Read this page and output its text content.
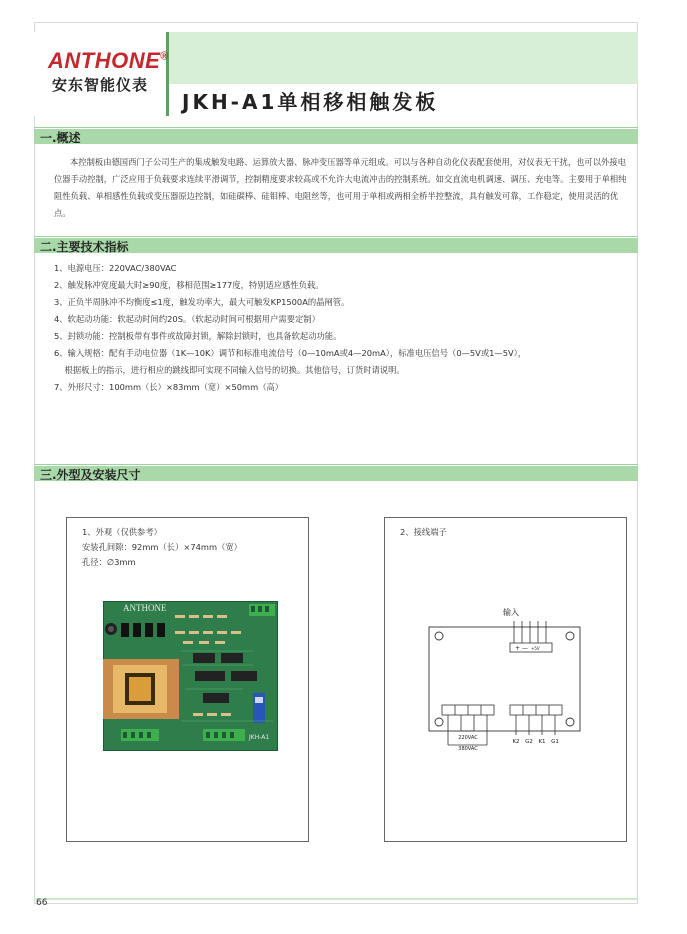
ANTHONE®
安东智能仪表
JKH-A1单相移相触发板
一.概述
本控制板由德国西门子公司生产的集成触发电路、运算放大器、脉冲变压器等单元组成。可以与各种自动化仪表配套使用，对仪表无干扰，也可以外接电位器手动控制，广泛应用于负载要求连续平滑调节，控制精度要求较高或不允许大电流冲击的控制系统。如交直流电机调速、调压、充电等。主要用于单相纯阻性负载、单相感性负载或变压器原边控制，如硅碳棒、硅钼棒、电阻丝等，也可用于单相或两相全桥半控整流，具有触发可靠，工作稳定，使用灵活的优点。
二.主要技术指标
1、电源电压：220VAC/380VAC
2、触发脉冲宽度最大时≥90度，移相范围≥177度，特别适应感性负载。
3、正负半周脉冲不均衡度≤1度，触发功率大，最大可触发KP1500A的晶闸管。
4、软起动功能：软起动时间约20S。（软起动时间可根据用户需要定制）
5、封锁功能：控制板带有事件或故障封锁，解除封锁时，也具备软起动功能。
6、输入规格：配有手动电位器（1K—10K）调节和标准电流信号（0—10mA或4—20mA），标准电压信号（0—5V或1—5V），
根据板上的指示，进行相应的跳线即可实现不同输入信号的切换。其他信号，订货时请说明。
7、外形尺寸：100mm（长）×83mm（宽）×50mm（高）
三.外型及安装尺寸
1、外观（仅供参考）
安装孔间隙：92mm（长）×74mm（宽）
孔径：∅3mm
ANTHONE
JKH-A1
2、接线端子
输入
+ — +5V
220VAC
380VAC
K2 G2 K1 G1
66
